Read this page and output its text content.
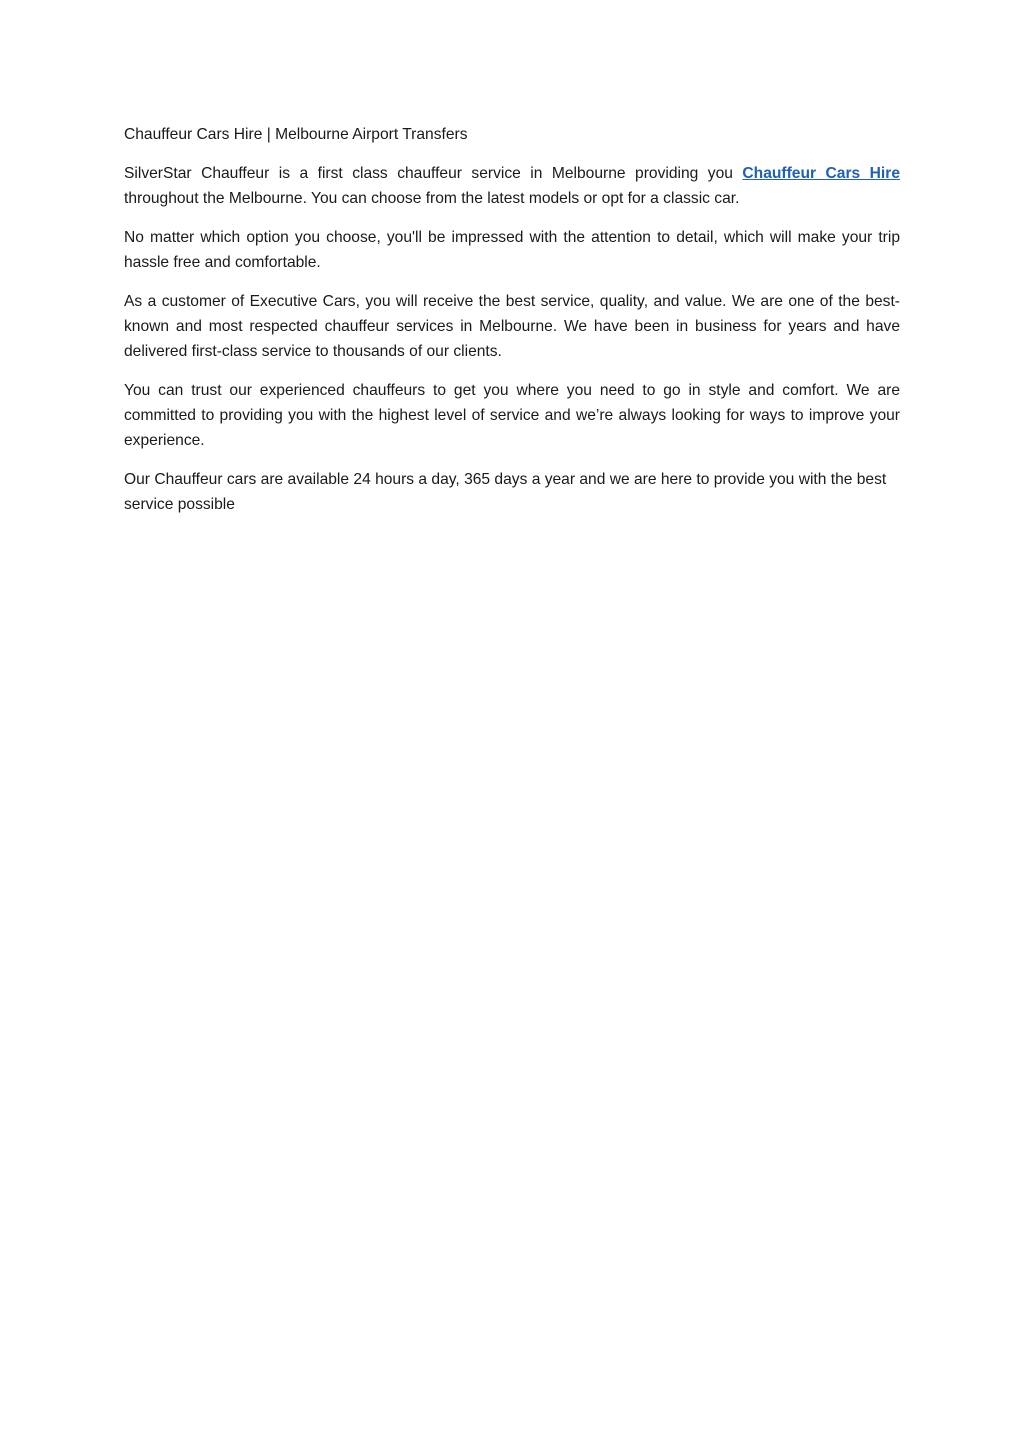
Chauffeur Cars Hire | Melbourne Airport Transfers

SilverStar Chauffeur is a first class chauffeur service in Melbourne providing you Chauffeur Cars Hire throughout the Melbourne. You can choose from the latest models or opt for a classic car.

No matter which option you choose, you'll be impressed with the attention to detail, which will make your trip hassle free and comfortable.

As a customer of Executive Cars, you will receive the best service, quality, and value. We are one of the best-known and most respected chauffeur services in Melbourne. We have been in business for years and have delivered first-class service to thousands of our clients.

You can trust our experienced chauffeurs to get you where you need to go in style and comfort. We are committed to providing you with the highest level of service and we’re always looking for ways to improve your experience.

Our Chauffeur cars are available 24 hours a day, 365 days a year and we are here to provide you with the best service possible
